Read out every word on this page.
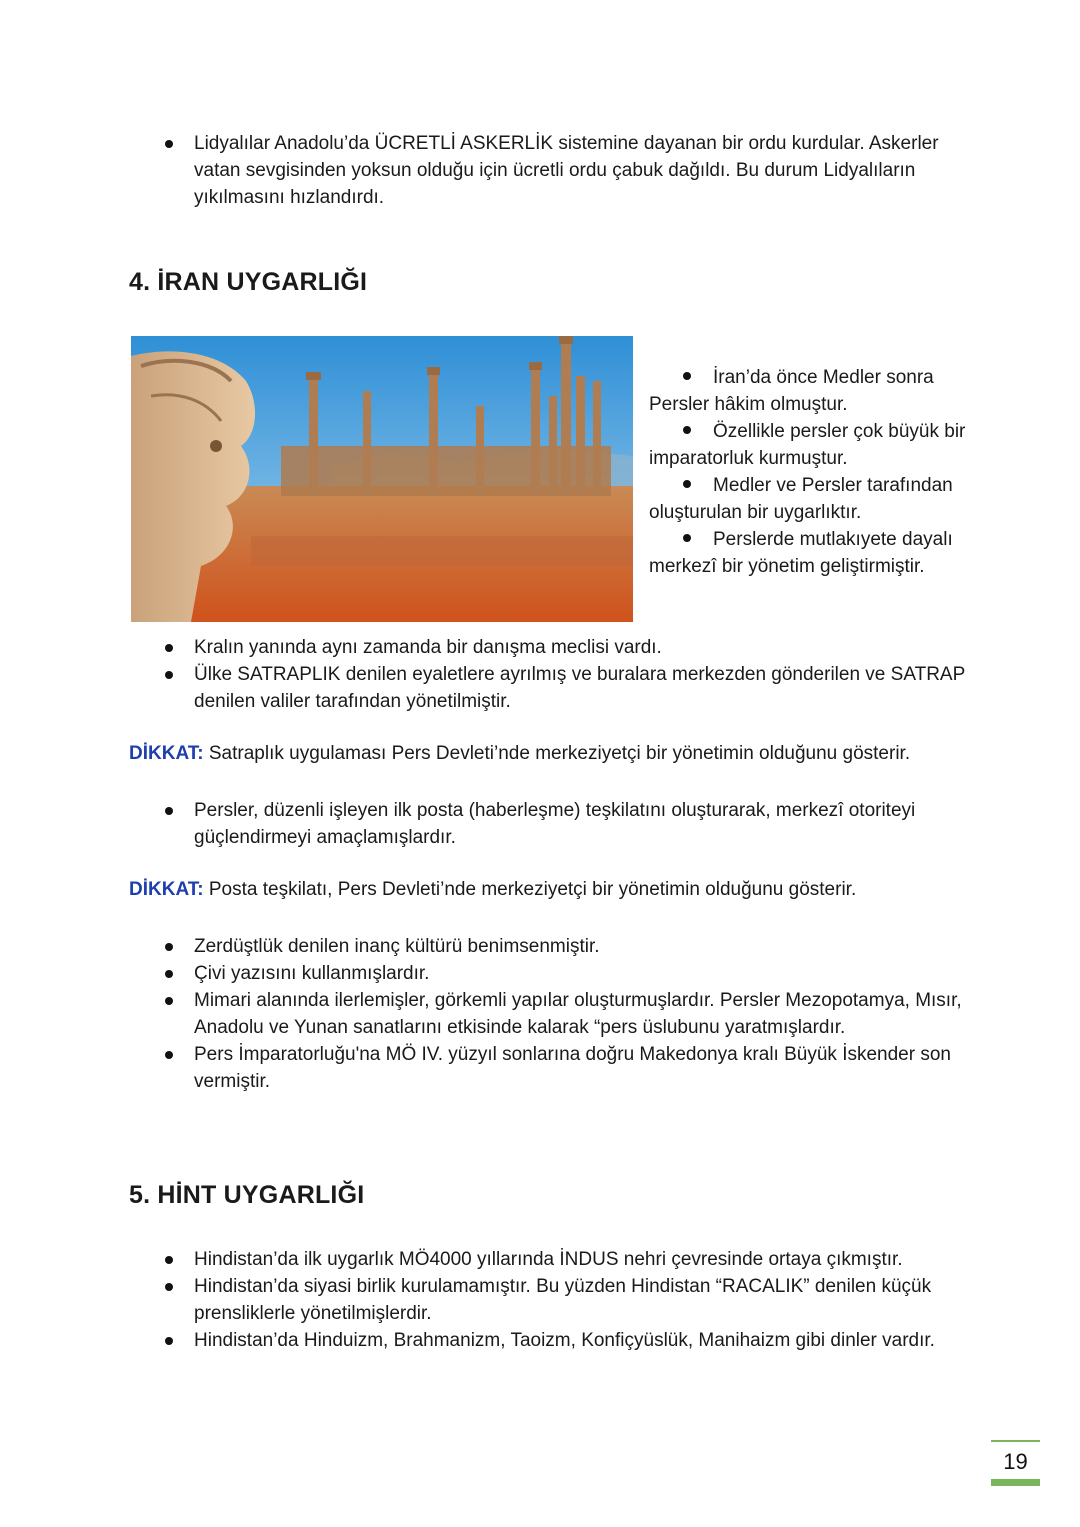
Lidyalılar Anadolu’da ÜCRETLİ ASKERLİK sistemine dayanan bir ordu kurdular. Askerler vatan sevgisinden yoksun olduğu için ücretli ordu çabuk dağıldı. Bu durum Lidyalıların yıkılmasını hızlandırdı.
4. İRAN UYGARLIĞI
İran’da önce Medler sonra Persler hâkim olmuştur.
Özellikle persler çok büyük bir imparatorluk kurmuştur.
Medler ve Persler tarafından oluşturulan bir uygarlıktır.
Perslerde mutlakıyete dayalı merkezî bir yönetim geliştirmiştir.
Kralın yanında aynı zamanda bir danışma meclisi vardı.
Ülke SATRAPLIK denilen eyaletlere ayrılmış ve buralara merkezden gönderilen ve SATRAP denilen valiler tarafından yönetilmiştir.
DİKKAT: Satraplık uygulaması Pers Devleti’nde merkeziyetçi bir yönetimin olduğunu gösterir.
Persler, düzenli işleyen ilk posta (haberleşme) teşkilatını oluşturarak, merkezî otoriteyi güçlendirmeyi amaçlamışlardır.
DİKKAT: Posta teşkilatı, Pers Devleti’nde merkeziyetçi bir yönetimin olduğunu gösterir.
Zerdüştlük denilen inanç kültürü benimsenmiştir.
Çivi yazısını kullanmışlardır.
Mimari alanında ilerlemişler, görkemli yapılar oluşturmuşlardır. Persler Mezopotamya, Mısır, Anadolu ve Yunan sanatlarını etkisinde kalarak “pers üslubunu yaratmışlardır.
Pers İmparatorluğu'na MÖ IV. yüzyıl sonlarına doğru Makedonya kralı Büyük İskender son vermiştir.
5. HİNT UYGARLIĞI
Hindistan’da ilk uygarlık MÖ4000 yıllarında İNDUS nehri çevresinde ortaya çıkmıştır.
Hindistan’da siyasi birlik kurulamamıştır. Bu yüzden Hindistan “RACALIK” denilen küçük prensliklerle yönetilmişlerdir.
Hindistan’da Hinduizm, Brahmanizm, Taoizm, Konfiçyüslük, Manihaizm gibi dinler vardır.
19
